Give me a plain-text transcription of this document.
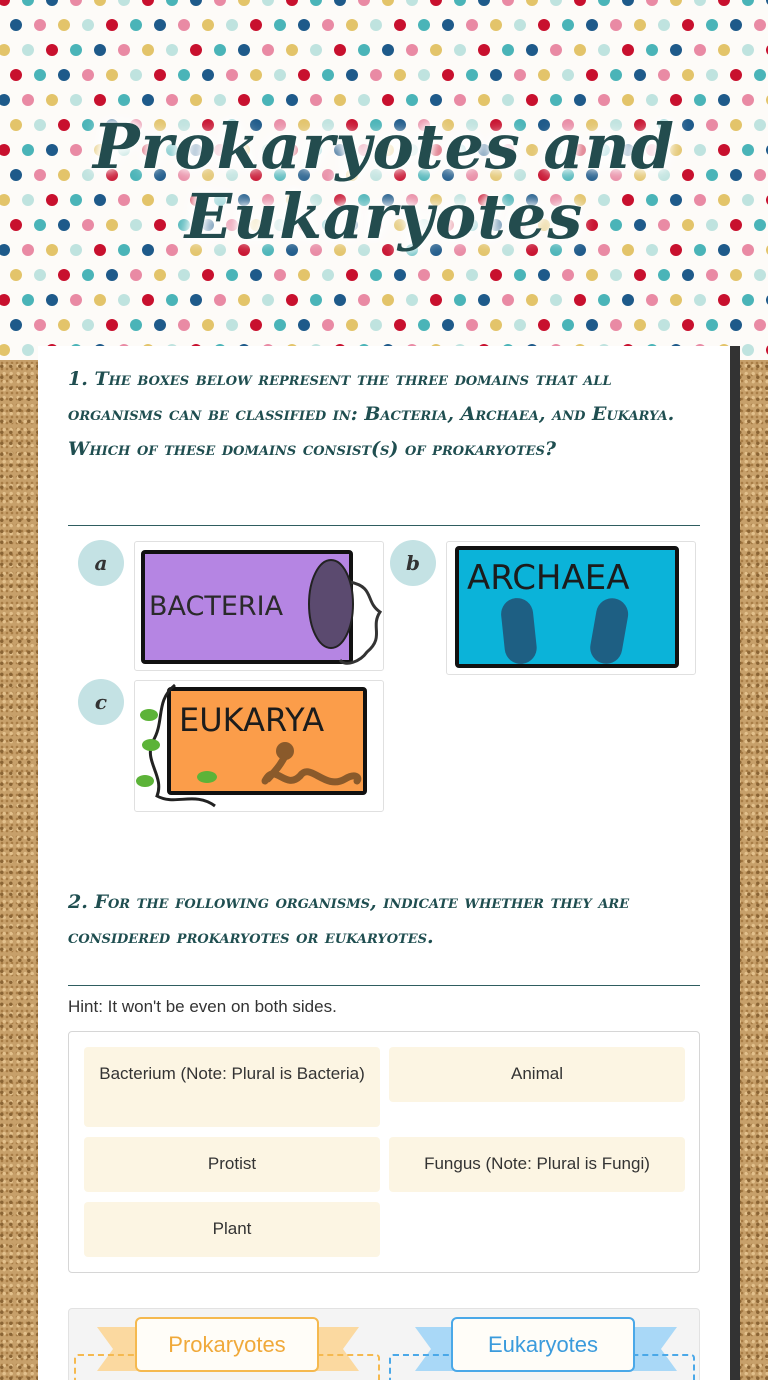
Prokaryotes and Eukaryotes
1. The boxes below represent the three domains that all
organisms can be classified in: Bacteria, Archaea, and Eukarya.
Which of these domains consist(s) of prokaryotes?
a
BACTERIA
b	ARCHAEA
c	EUKARYA
2. For the following organisms, indicate whether they are
considered prokaryotes or eukaryotes.
Hint: It won't be even on both sides.
Bacterium (Note: Plural is Bacteria)	Animal
Protist	Fungus (Note: Plural is Fungi)
Plant
Prokaryotes	Eukaryotes
